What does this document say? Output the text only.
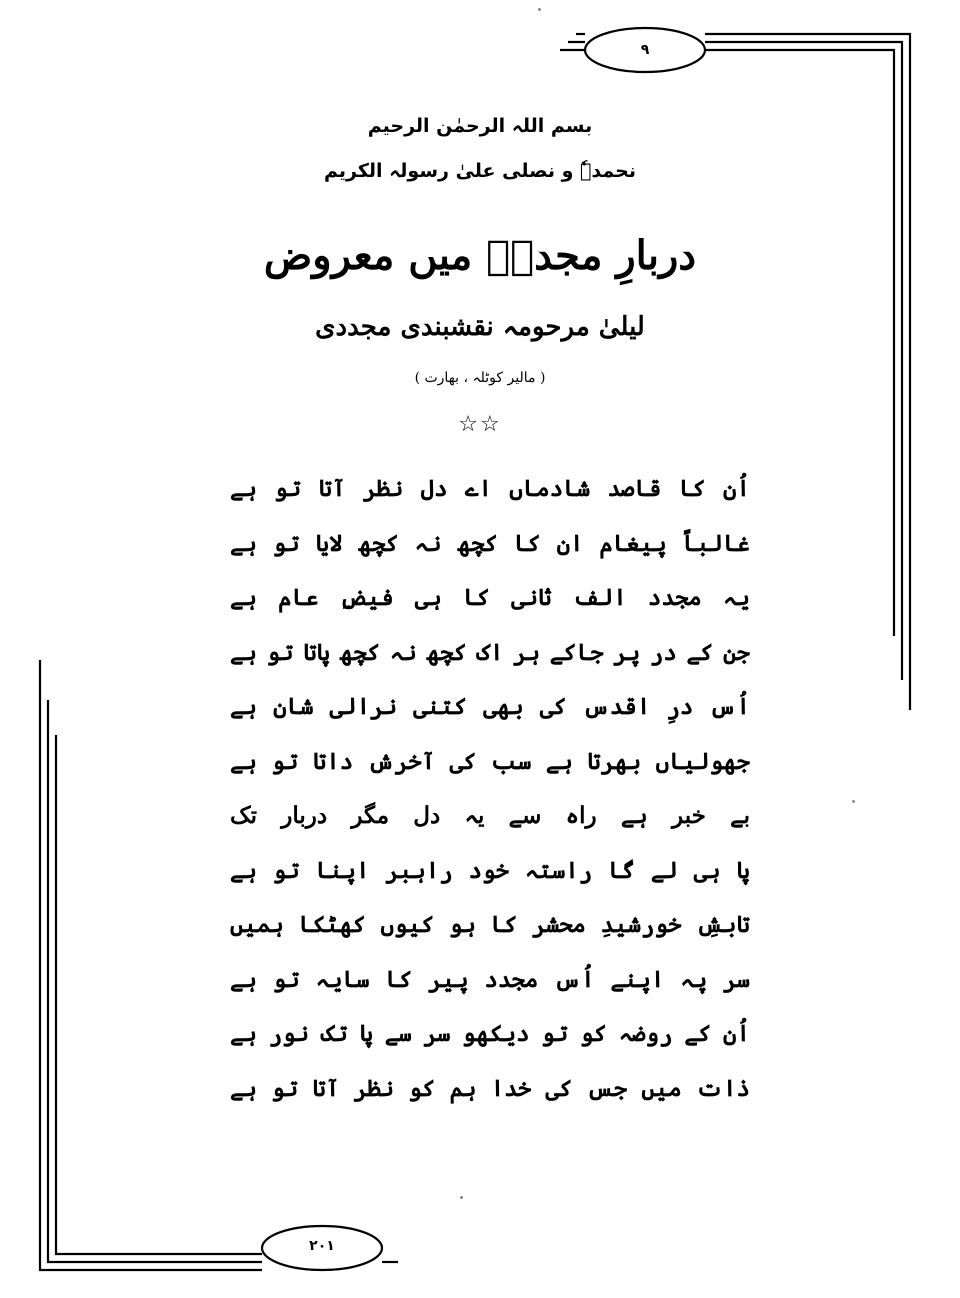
۹
۲۰۱
بسم اللہ الرحمٰن الرحیم
نحمدہٗ و نصلی علیٰ رسولہ الکریم
دربارِ مجددؒ میں معروض
لیلیٰ مرحومہ نقشبندی مجددی
( مالیر کوٹلہ ، بھارت )
☆☆
اُن کا قاصد شادماں اے دل نظر آتا تو ہے
غالباً پیغام ان کا کچھ نہ کچھ لایا تو ہے
یہ مجدد الف ثانی کا ہی فیضِ عام ہے
جن کے در پر جاکے ہر اک کچھ نہ کچھ پاتا تو ہے
اُس درِ اقدس کی بھی کتنی نرالی شان ہے
جھولیاں بھرتا ہے سب کی آخرش داتا تو ہے
بے خبر ہے راہ سے یہ دل مگر دربار تک
پا ہی لے گا راستہ خود راہبر اپنا تو ہے
تابشِ خورشیدِ محشر کا ہو کیوں کھٹکا ہمیں
سر پہ اپنے اُس مجدد پیر کا سایہ تو ہے
اُن کے روضہ کو تو دیکھو سر سے پا تک نور ہے
ذات میں جس کی خدا ہم کو نظر آتا تو ہے
